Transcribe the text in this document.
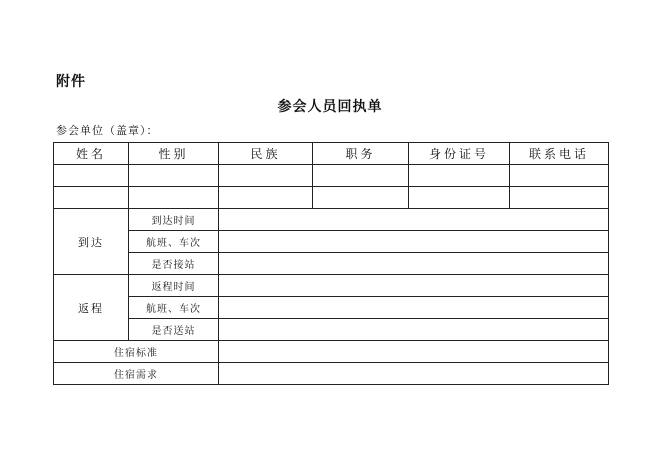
附件
参会人员回执单
参会单位（盖章）：
姓名	性别	民族	职务	身份证号	联系电话

到达	到达时间				
	航班、车次				
	是否接站				
返程	返程时间				
	航班、车次				
	是否送站				
住宿标准					
住宿需求					
